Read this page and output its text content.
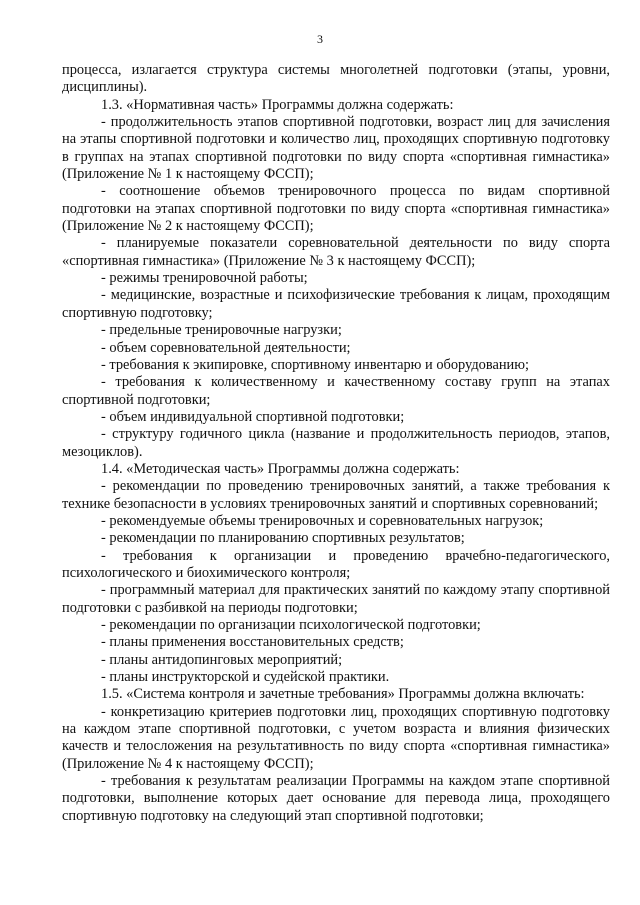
3

процесса, излагается структура системы многолетней подготовки (этапы, уровни, дисциплины).

1.3. «Нормативная часть» Программы должна содержать:

- продолжительность этапов спортивной подготовки, возраст лиц для зачисления на этапы спортивной подготовки и количество лиц, проходящих спортивную подготовку в группах на этапах спортивной подготовки по виду спорта «спортивная гимнастика» (Приложение № 1 к настоящему ФССП);

- соотношение объемов тренировочного процесса по видам спортивной подготовки на этапах спортивной подготовки по виду спорта «спортивная гимнастика» (Приложение № 2 к настоящему ФССП);

- планируемые показатели соревновательной деятельности по виду спорта «спортивная гимнастика» (Приложение № 3 к настоящему ФССП);

- режимы тренировочной работы;

- медицинские, возрастные и психофизические требования к лицам, проходящим спортивную подготовку;

- предельные тренировочные нагрузки;

- объем соревновательной деятельности;

- требования к экипировке, спортивному инвентарю и оборудованию;

- требования к количественному и качественному составу групп на этапах спортивной подготовки;

- объем индивидуальной спортивной подготовки;

- структуру годичного цикла (название и продолжительность периодов, этапов, мезоциклов).

1.4. «Методическая часть» Программы должна содержать:

- рекомендации по проведению тренировочных занятий, а также требования к технике безопасности в условиях тренировочных занятий и спортивных соревнований;

- рекомендуемые объемы тренировочных и соревновательных нагрузок;

- рекомендации по планированию спортивных результатов;

- требования к организации и проведению врачебно-педагогического, психологического и биохимического контроля;

- программный материал для практических занятий по каждому этапу спортивной подготовки с разбивкой на периоды подготовки;

- рекомендации по организации психологической подготовки;

- планы применения восстановительных средств;

- планы антидопинговых мероприятий;

- планы инструкторской и судейской практики.

1.5. «Система контроля и зачетные требования» Программы должна включать:

- конкретизацию критериев подготовки лиц, проходящих спортивную подготовку на каждом этапе спортивной подготовки, с учетом возраста и влияния физических качеств и телосложения на результативность по виду спорта «спортивная гимнастика» (Приложение № 4 к настоящему ФССП);

- требования к результатам реализации Программы на каждом этапе спортивной подготовки, выполнение которых дает основание для перевода лица, проходящего спортивную подготовку на следующий этап спортивной подготовки;
